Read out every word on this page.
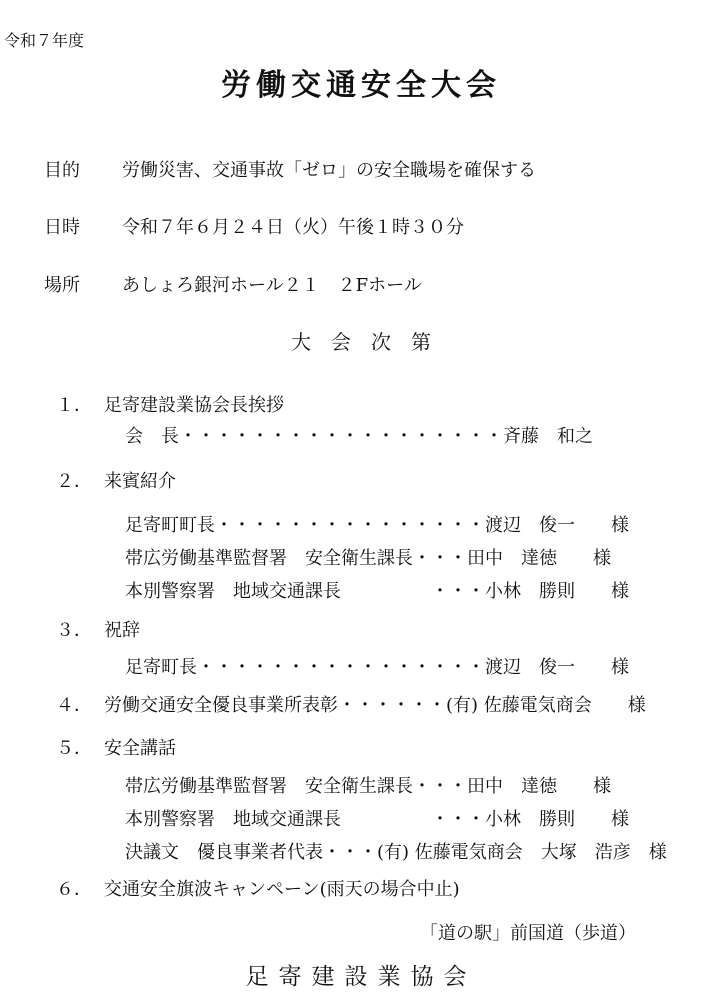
令和７年度
労働交通安全大会
目的 労働災害、交通事故「ゼロ」の安全職場を確保する
日時 令和７年６月２４日（火）午後１時３０分
場所 あしょろ銀河ホール２１　２Fホール
大　会　次　第
１． 足寄建設業協会長挨拶
会　長・・・・・・・・・・・・・・・・・・斉藤　和之
２． 来賓紹介
足寄町町長・・・・・・・・・・・・・・・渡辺　俊一　　様
帯広労働基準監督署　安全衛生課長・・・田中　達徳　　様
本別警察署　地域交通課長　　　　　・・・小林　勝則　　様
３． 祝辞
足寄町長・・・・・・・・・・・・・・・・渡辺　俊一　　様
４． 労働交通安全優良事業所表彰・・・・・・(有) 佐藤電気商会　　様
５． 安全講話
帯広労働基準監督署　安全衛生課長・・・田中　達徳　　様
本別警察署　地域交通課長　　　　　・・・小林　勝則　　様
決議文　優良事業者代表・・・(有) 佐藤電気商会　大塚　浩彦　様
６． 交通安全旗波キャンペーン(雨天の場合中止)
「道の駅」前国道（歩道）
足寄建設業協会
